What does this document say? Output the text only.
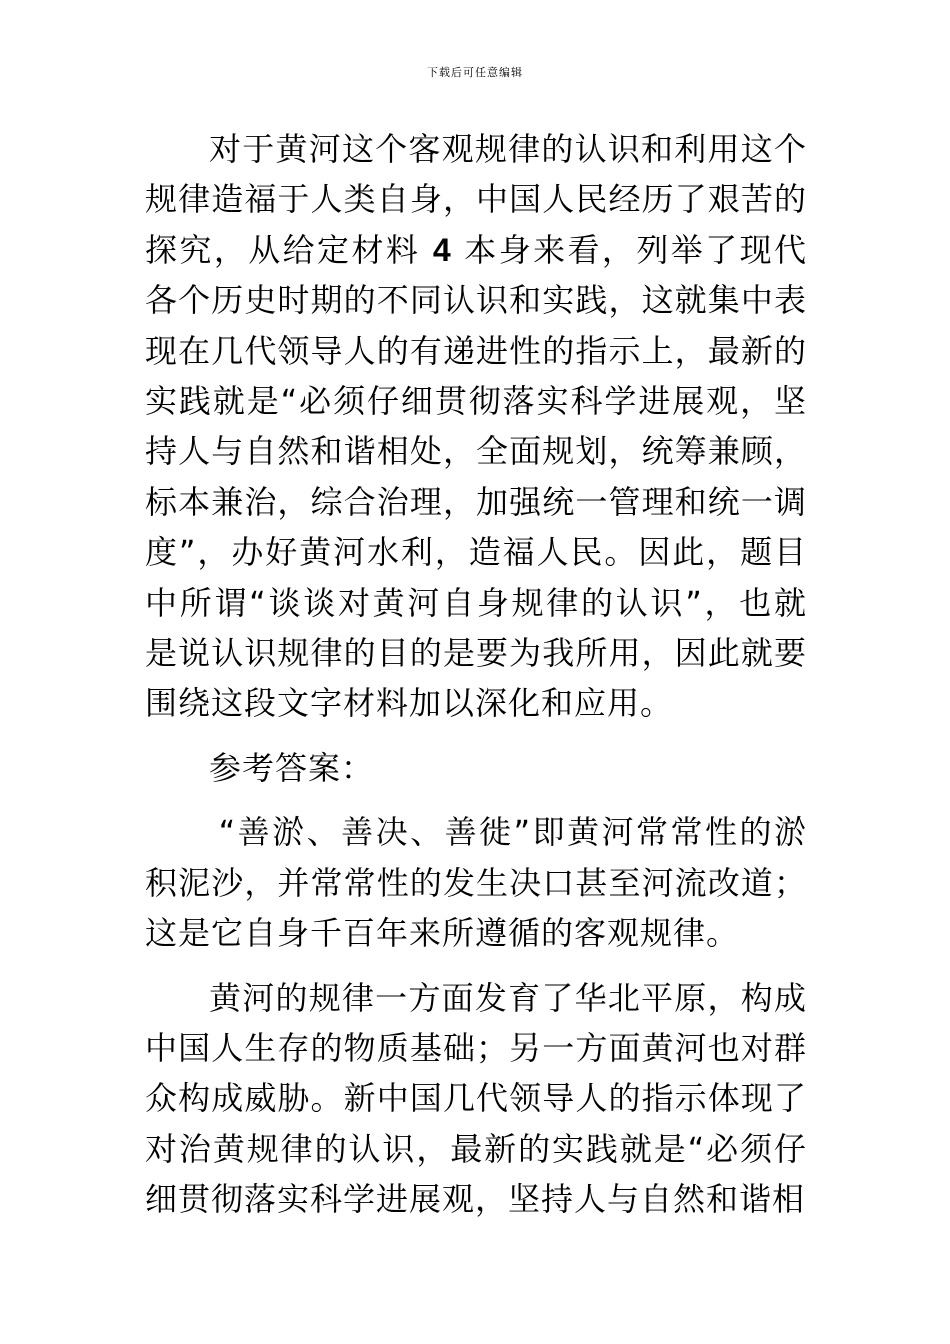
下载后可任意编辑

对于黄河这个客观规律的认识和利用这个规律造福于人类自身，中国人民经历了艰苦的探究，从给定材料 4 本身来看，列举了现代各个历史时期的不同认识和实践，这就集中表现在几代领导人的有递进性的指示上，最新的实践就是“必须仔细贯彻落实科学进展观，坚持人与自然和谐相处，全面规划，统筹兼顾，标本兼治，综合治理，加强统一管理和统一调度”，办好黄河水利，造福人民。因此，题目中所谓“谈谈对黄河自身规律的认识”，也就是说认识规律的目的是要为我所用，因此就要围绕这段文字材料加以深化和应用。

参考答案：

“善淤、善决、善徙”即黄河常常性的淤积泥沙，并常常性的发生决口甚至河流改道；这是它自身千百年来所遵循的客观规律。

黄河的规律一方面发育了华北平原，构成中国人生存的物质基础；另一方面黄河也对群众构成威胁。新中国几代领导人的指示体现了对治黄规律的认识，最新的实践就是“必须仔细贯彻落实科学进展观，坚持人与自然和谐相
